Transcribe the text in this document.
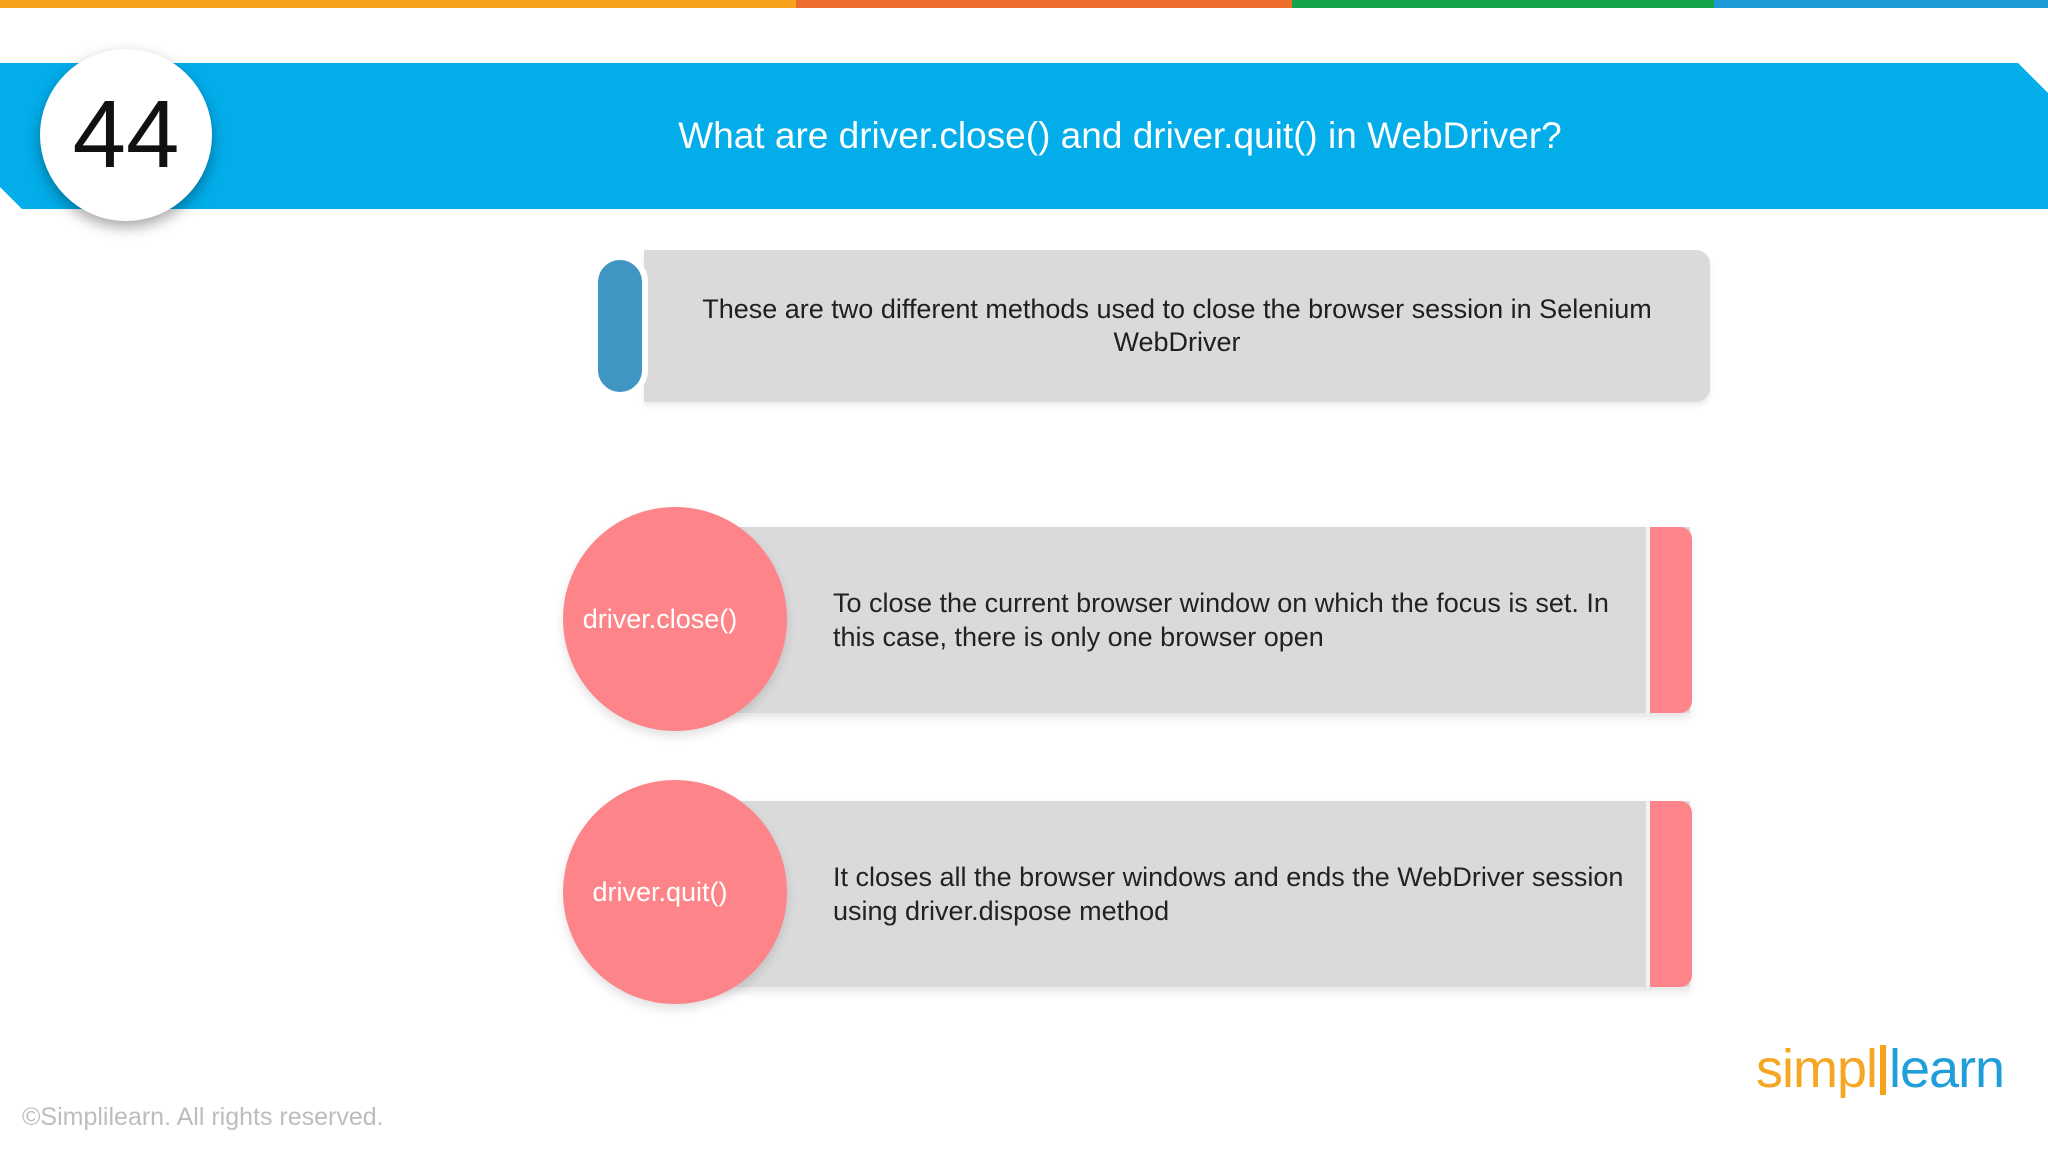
What are driver.close() and driver.quit() in WebDriver?
44
These are two different methods used to close the browser session in Selenium WebDriver
driver.close()
To close the current browser window on which the focus is set. In this case, there is only one browser open
driver.quit()	It closes all the browser windows and ends the WebDriver session using driver.dispose method
©Simplilearn. All rights reserved.
simpl learn
